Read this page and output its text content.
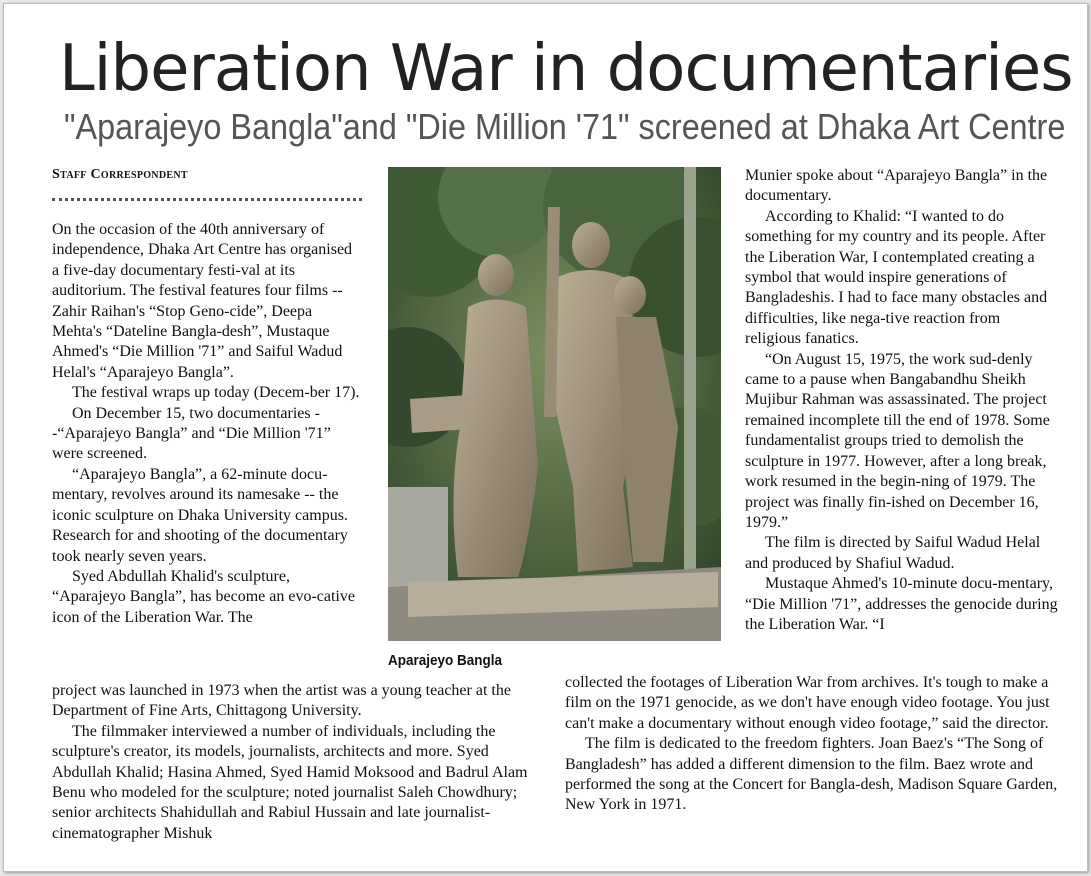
Liberation War in documentaries
"Aparajeyo Bangla"and "Die Million '71" screened at Dhaka Art Centre
Staff Correspondent

On the occasion of the 40th anniversary of independence, Dhaka Art Centre has organised a five-day documentary festi-val at its auditorium. The festival features four films -- Zahir Raihan's “Stop Geno-cide”, Deepa Mehta's “Dateline Bangla-desh”, Mustaque Ahmed's “Die Million '71” and Saiful Wadud Helal's “Aparajeyo Bangla”.

The festival wraps up today (Decem-ber 17).

On December 15, two documentaries --“Aparajeyo Bangla” and “Die Million '71” were screened.

“Aparajeyo Bangla”, a 62-minute docu-mentary, revolves around its namesake -- the iconic sculpture on Dhaka University campus. Research for and shooting of the documentary took nearly seven years.

Syed Abdullah Khalid's sculpture, “Aparajeyo Bangla”, has become an evo-cative icon of the Liberation War. The

project was launched in 1973 when the artist was a young teacher at the Department of Fine Arts, Chittagong University.

The filmmaker interviewed a number of individuals, including the sculpture's creator, its models, journalists, architects and more. Syed Abdullah Khalid; Hasina Ahmed, Syed Hamid Moksood and Badrul Alam Benu who modeled for the sculpture; noted journalist Saleh Chowdhury; senior architects Shahidullah and Rabiul Hussain and late journalist-cinematographer Mishuk

Aparajeyo Bangla

Munier spoke about “Aparajeyo Bangla” in the documentary.

According to Khalid: “I wanted to do something for my country and its people. After the Liberation War, I contemplated creating a symbol that would inspire generations of Bangladeshis. I had to face many obstacles and difficulties, like nega-tive reaction from religious fanatics.

“On August 15, 1975, the work sud-denly came to a pause when Bangabandhu Sheikh Mujibur Rahman was assassinated. The project remained incomplete till the end of 1978. Some fundamentalist groups tried to demolish the sculpture in 1977. However, after a long break, work resumed in the begin-ning of 1979. The project was finally fin-ished on December 16, 1979.”

The film is directed by Saiful Wadud Helal and produced by Shafiul Wadud.

Mustaque Ahmed's 10-minute docu-mentary, “Die Million '71”, addresses the genocide during the Liberation War. “I

collected the footages of Liberation War from archives. It's tough to make a film on the 1971 genocide, as we don't have enough video footage. You just can't make a documentary without enough video footage,” said the director.

The film is dedicated to the freedom fighters. Joan Baez's “The Song of Bangladesh” has added a different dimension to the film. Baez wrote and performed the song at the Concert for Bangla-desh, Madison Square Garden, New York in 1971.
